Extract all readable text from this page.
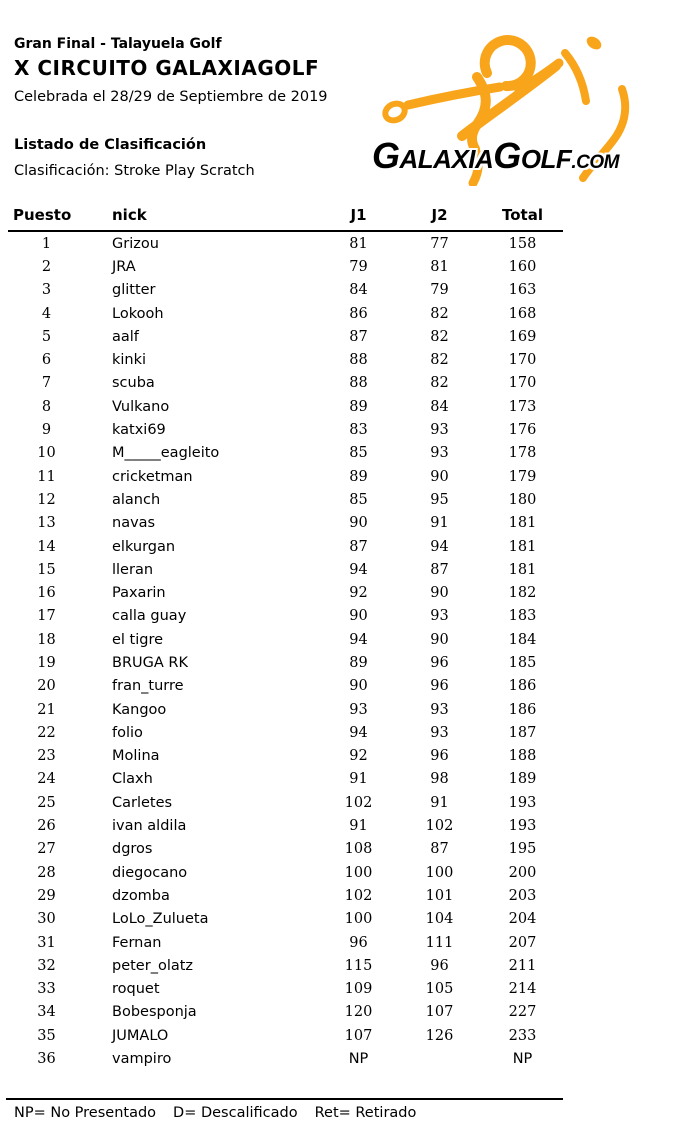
Gran Final - Talayuela Golf
X CIRCUITO GALAXIAGOLF
Celebrada el 28/29 de Septiembre de 2019
Listado de Clasificación
Clasificación: Stroke Play Scratch	GALAXIAGOLF.COM
Puesto	nick	J1	J2	Total
1	Grizou	81	77	158
2	JRA	79	81	160
3	glitter	84	79	163
4	Lokooh	86	82	168
5	aalf	87	82	169
6	kinki	88	82	170
7	scuba	88	82	170
8	Vulkano	89	84	173
9	katxi69	83	93	176
10	M_____eagleito	85	93	178
11	cricketman	89	90	179
12	alanch	85	95	180
13	navas	90	91	181
14	elkurgan	87	94	181
15	lleran	94	87	181
16	Paxarin	92	90	182
17	calla guay	90	93	183
18	el tigre	94	90	184
19	BRUGA RK	89	96	185
20	fran_turre	90	96	186
21	Kangoo	93	93	186
22	folio	94	93	187
23	Molina	92	96	188
24	Claxh	91	98	189
25	Carletes	102	91	193
26	ivan aldila	91	102	193
27	dgros	108	87	195
28	diegocano	100	100	200
29	dzomba	102	101	203
30	LoLo_Zulueta	100	104	204
31	Fernan	96	111	207
32	peter_olatz	115	96	211
33	roquet	109	105	214
34	Bobesponja	120	107	227
35	JUMALO	107	126	233
36	vampiro	NP		NP
NP= No Presentado D= Descalificado Ret= Retirado
